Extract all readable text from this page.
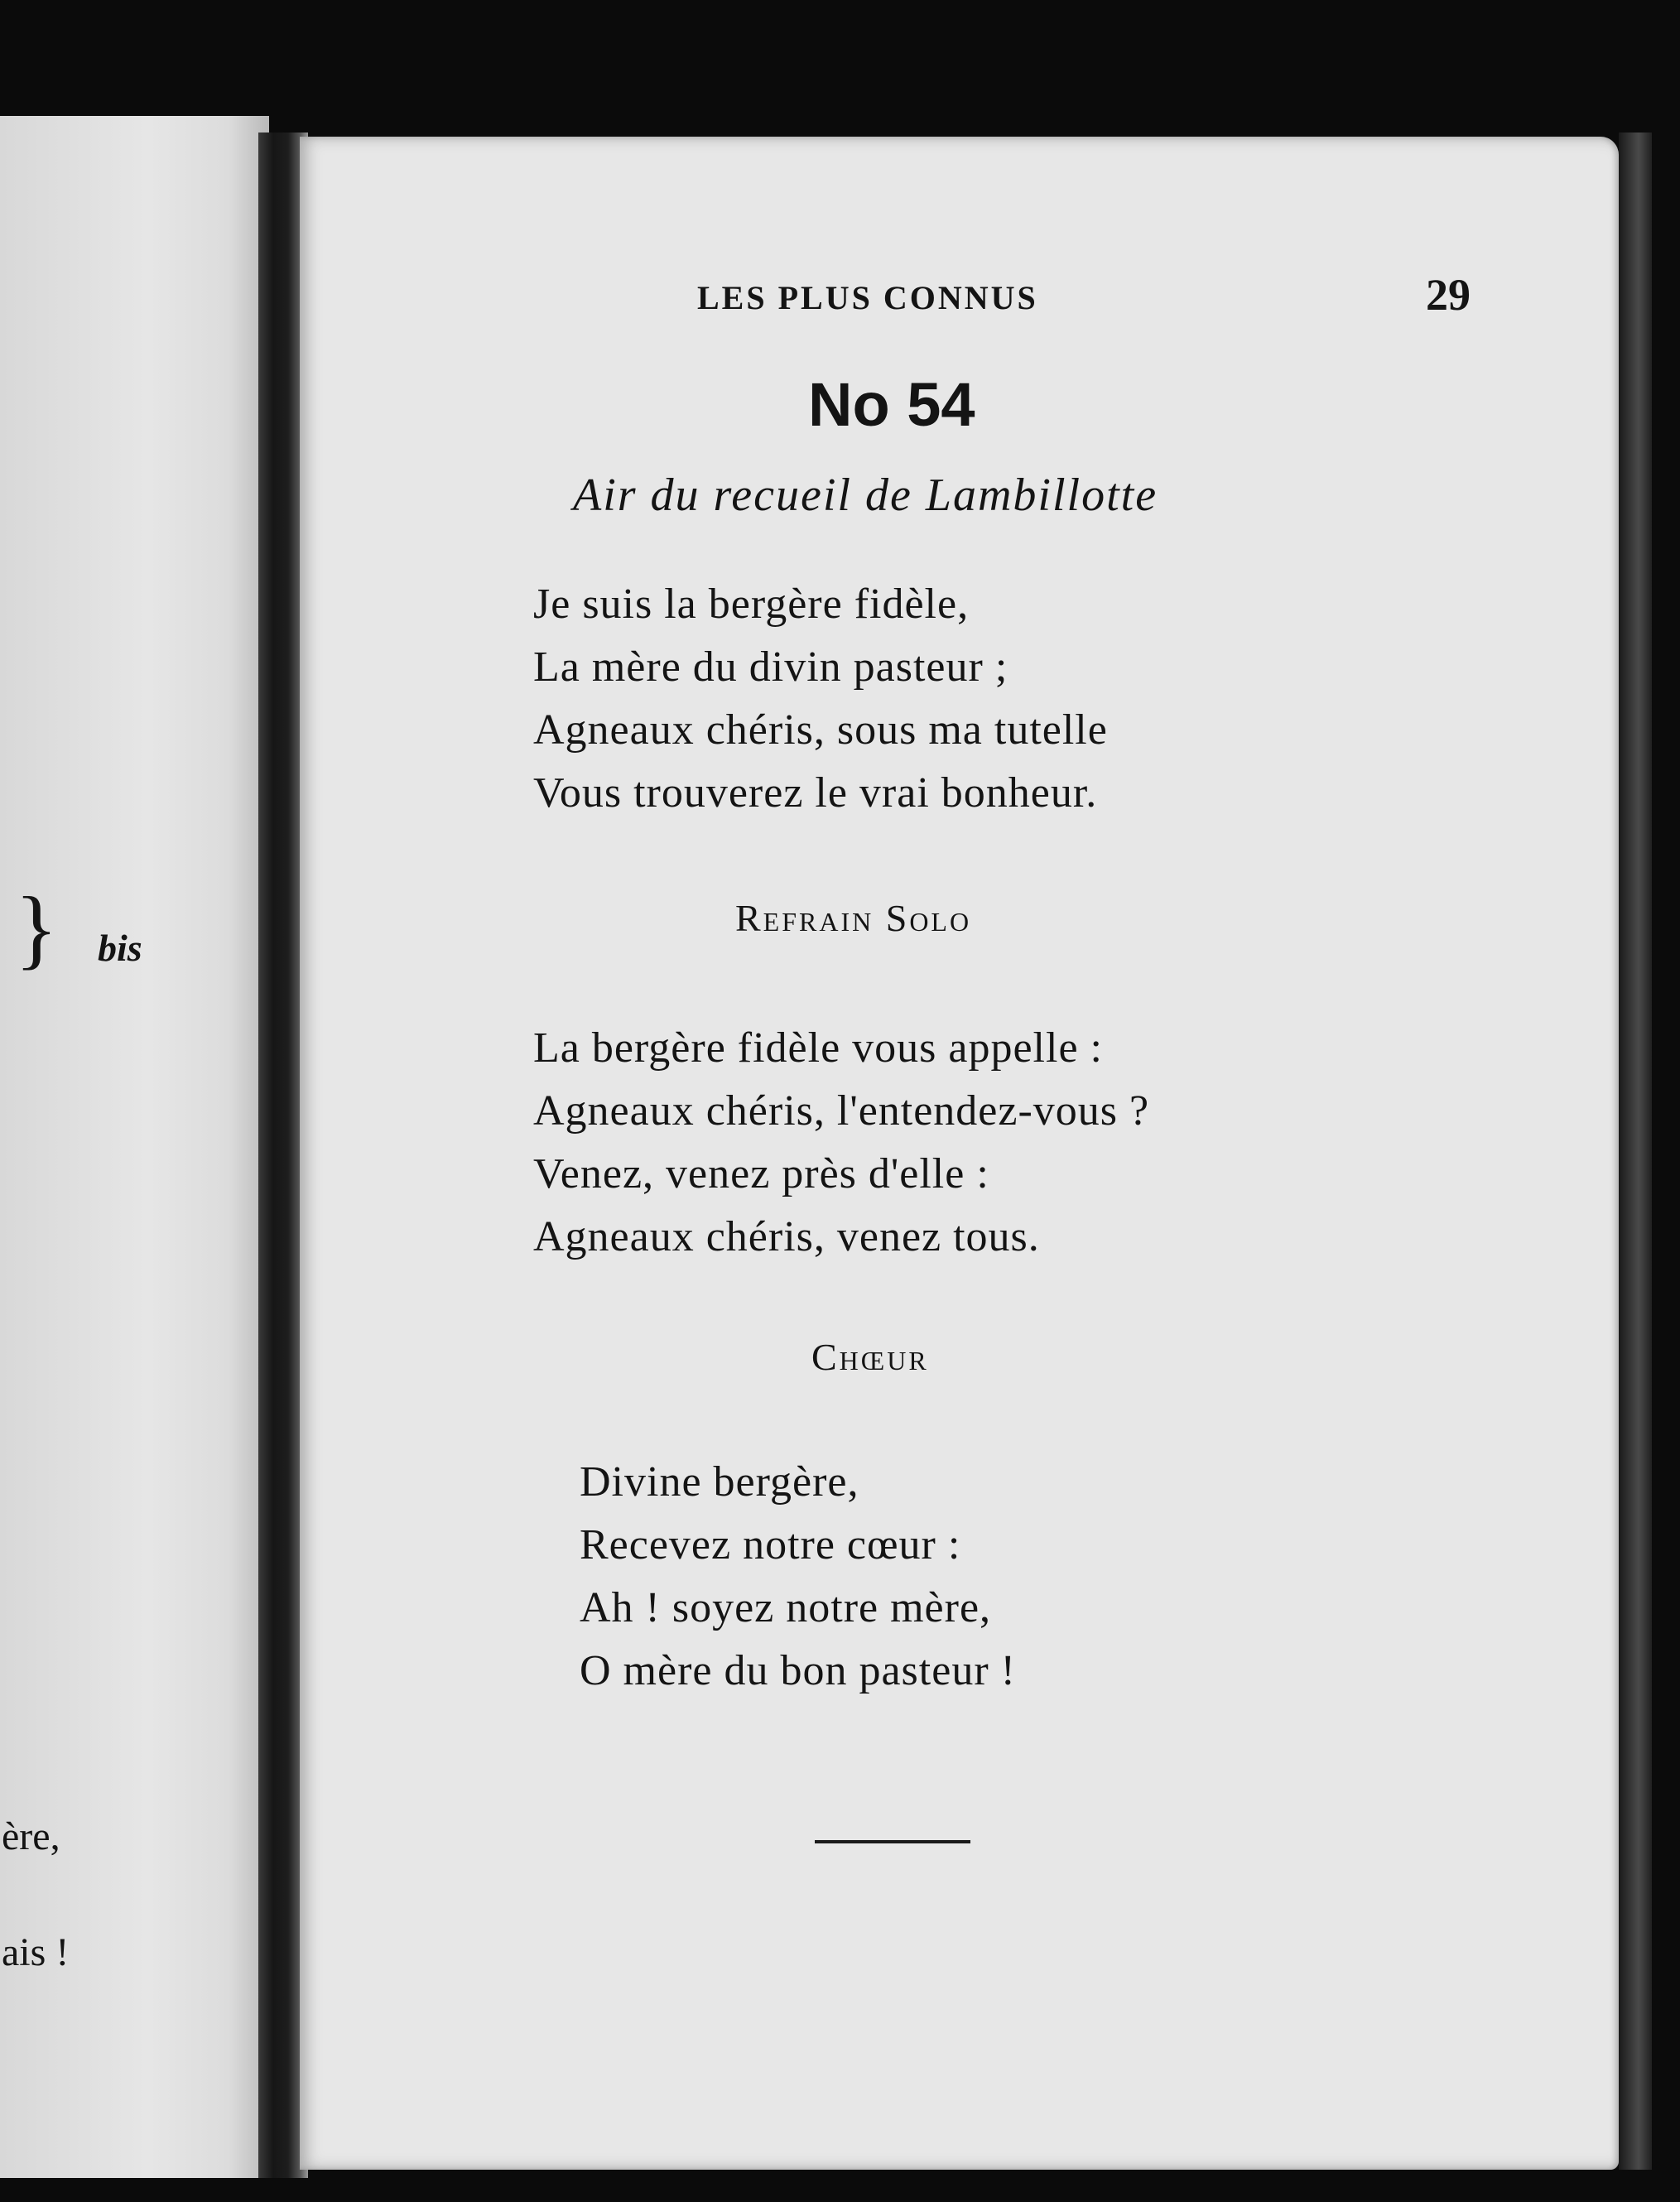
} bis
ère,
ais !
LES PLUS CONNUS	29
No 54
Air du recueil de Lambillotte
Je suis la bergère fidèle,
La mère du divin pasteur ;
Agneaux chéris, sous ma tutelle
Vous trouverez le vrai bonheur.
Refrain Solo
La bergère fidèle vous appelle :
Agneaux chéris, l'entendez-vous ?
Venez, venez près d'elle :
Agneaux chéris, venez tous.
Chœur
Divine bergère,
Recevez notre cœur :
Ah ! soyez notre mère,
O mère du bon pasteur !
